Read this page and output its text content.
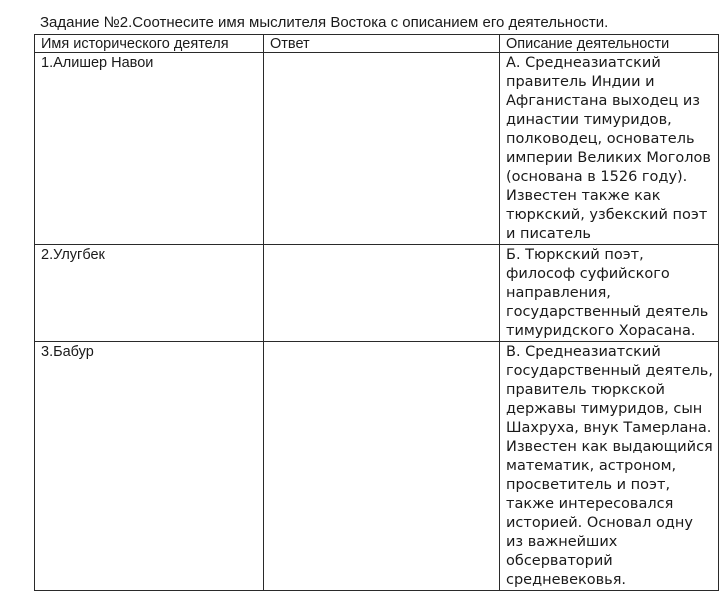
Задание №2.Соотнесите имя мыслителя Востока с описанием его деятельности.
Имя исторического деятеля	Ответ	Описание деятельности
1.Алишер Навои		А. Среднеазиатский правитель Индии и Афганистана выходец из династии тимуридов, полководец, основатель империи Великих Моголов (основана в 1526 году). Известен также как тюркский, узбекский поэт и писатель
2.Улугбек		Б. Тюркский поэт, философ суфийского направления, государственный деятель тимуридского Хорасана.
3.Бабур		В. Среднеазиатский государственный деятель, правитель тюркской державы тимуридов, сын Шахруха, внук Тамерлана. Известен как выдающийся математик, астроном, просветитель и поэт, также интересовался историей. Основал одну из важнейших обсерваторий средневековья.
